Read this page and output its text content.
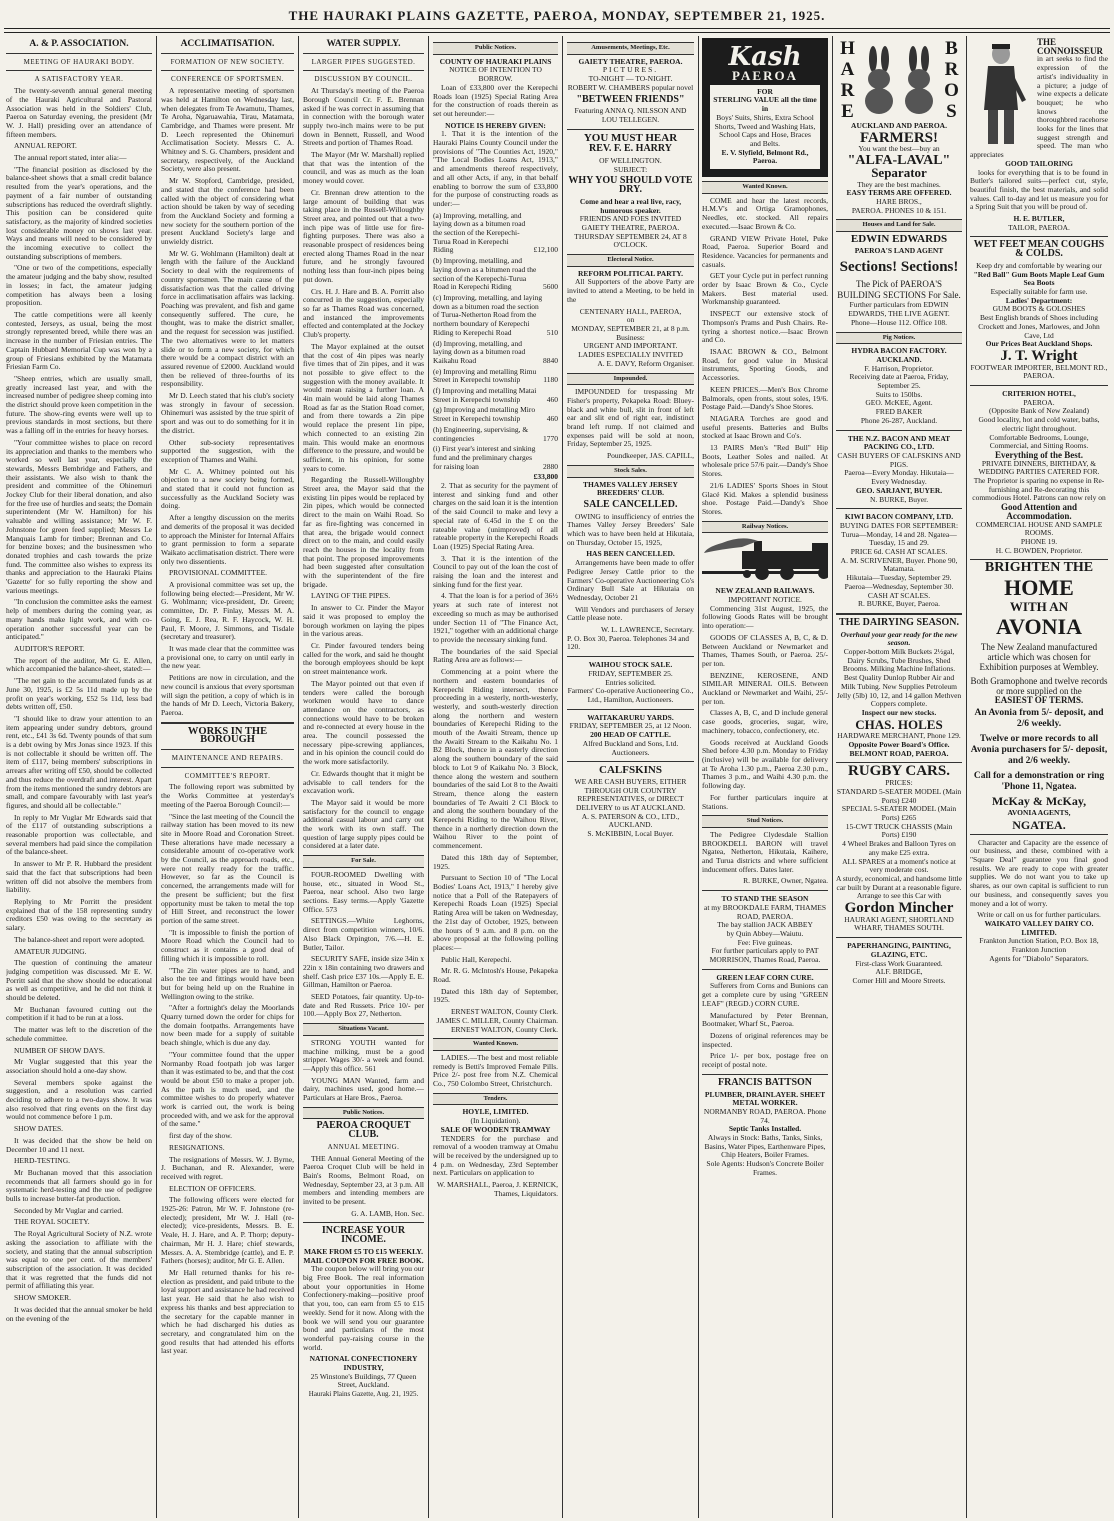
THE HAURAKI PLAINS GAZETTE, PAEROA, MONDAY, SEPTEMBER 21, 1925.
A. & P. ASSOCIATION.
MEETING OF HAURAKI BODY.
A SATISFACTORY YEAR.

The twenty-seventh annual general meeting of the Hauraki Agricultural and Pastoral Association was held in the Soldiers' Club, Paeroa on Saturday evening, the president (Mr W. J. Hall) presiding over an attendance of fifteen members.

ANNUAL REPORT.

The annual report stated, inter alia:—

"The financial position as disclosed by the balance-sheet shows that a small credit balance resulted from the year's operations, and the payment of a fair number of outstanding subscriptions has reduced the overdraft slightly. This position can be considered quite satisfactory, as the majority of kindred societies lost considerable money on shows last year. Ways and means will need to be considered by the incoming executive to collect the outstanding subscriptions of members.

"One or two of the competitions, especially the amateur judging and the baby show, resulted in losses; in fact, the amateur judging competition has always been a losing proposition.

The cattle competitions were all keenly contested, Jerseys, as usual, being the most strongly represented breed, while there was an increase in the number of Friesian entries. The Captain Hubbard Memorial Cup was won by a group of Friesians exhibited by the Matamata Friesian Farm Co.

"Sheep entries, which are usually small, greatly increased last year, and with the increased number of pedigree sheep coming into the district should prove keen competition in the future. The show-ring events were well up to previous standards in most sections, but there was a falling off in the entries for heavy horses.

"Your committee wishes to place on record its appreciation and thanks to the members who worked so well last year, especially the stewards, Messrs Bembridge and Fathers, and their assistants. We also wish to thank the president and committee of the Ohinemuri Jockey Club for their liberal donation, and also for the free use of hurdles and seats; the Domain superintendent (Mr W. Hamilton) for his valuable and willing assistance; Mr W. F. Johnstone for green feed supplied; Messrs Le Manquais Lamb for timber; Brennan and Co. for benzine boxes; and the businessmen who donated trophies and cash towards the prize fund. The committee also wishes to express its thanks and appreciation to the Hauraki Plains 'Gazette' for so fully reporting the show and various meetings.

"In conclusion the committee asks the earnest help of members during the coming year, as many hands make light work, and with co-operation another successful year can be anticipated."

AUDITOR'S REPORT.

The report of the auditor, Mr G. E. Allen, which accompanied the balance-sheet, stated:—

"The net gain to the accumulated funds as at June 30, 1925, is £2 5s 11d made up by the profit on year's working, £52 5s 11d, less bad debts written off, £50.

"I should like to draw your attention to an item appearing under sundry debtors, ground rent, etc., £41 3s 6d. Twenty pounds of that sum is a debt owing by Mrs Jonas since 1923. If this is not collectable it should be written off. The item of £117, being members' subscriptions in arrears after writing off £50, should be collected and thus reduce the overdraft and interest. Apart from the items mentioned the sundry debtors are small, and compare favourably with last year's figures, and should all be collectable."

In reply to Mr Vuglar Mr Edwards said that of the £117 of outstanding subscriptions a reasonable proportion was collectable, and several members had paid since the compilation of the balance-sheet.

In answer to Mr P. R. Hubbard the president said that the fact that subscriptions had been written off did not absolve the members from liability.

Replying to Mr Porritt the president explained that of the 158 representing sundry creditors £50 was owing to the secretary as salary.

The balance-sheet and report were adopted.

AMATEUR JUDGING.

The question of continuing the amateur judging competition was discussed. Mr E. W. Porritt said that the show should be educational as well as competitive, and he did not think it should be deleted.

Mr Buchanan favoured cutting out the competition if it had to be run at a loss.

The matter was left to the discretion of the schedule committee.

NUMBER OF SHOW DAYS.

Mr Vuglar suggested that this year the association should hold a one-day show.

Several members spoke against the suggestion, and a resolution was carried deciding to adhere to a two-days show. It was also resolved that ring events on the first day would not commence before 1 p.m.

SHOW DATES.

It was decided that the show be held on December 10 and 11 next.

HERD-TESTING.

Mr Buchanan moved that this association recommends that all farmers should go in for systematic herd-testing and the use of pedigree bulls to increase butter-fat production.

Seconded by Mr Vuglar and carried.

THE ROYAL SOCIETY.

The Royal Agricultural Society of N.Z. wrote asking the association to affiliate with the society, and stating that the annual subscription was equal to one per cent. of the members' subscription of the association. It was decided that it was regretted that the funds did not permit of affiliating this year.

SHOW SMOKER.

It was decided that the annual smoker be held on the evening of the

ACCLIMATISATION.
FORMATION OF NEW SOCIETY.
CONFERENCE OF SPORTSMEN.

A representative meeting of sportsmen was held at Hamilton on Wednesday last, when delegates from Te Awamutu, Thames, Te Aroha, Ngaruawahia, Tirau, Matamata, Cambridge, and Thames were present. Mr D. Leech represented the Ohinemuri Acclimatisation Society. Messrs C. A. Whitney and S. G. Chambers, president and secretary, respectively, of the Auckland Society, were also present.

Mr W. Stopford, Cambridge, presided, and stated that the conference had been called with the object of considering what action should be taken by way of seceding from the Auckland Society and forming a new society for the southern portion of the present Auckland Society's large and unwieldy district.

Mr W. G. Wohlmann (Hamilton) dealt at length with the failure of the Auckland Society to deal with the requirements of country sportsmen. The main cause of the dissatisfaction was that the called driving force in acclimatisation affairs was lacking. Poaching was prevalent, and fish and game consequently suffered. The cure, he thought, was to make the district smaller, and the request for secession was justified. The two alternatives were to let matters slide or to form a new society, for which there would be a compact district with an assured revenue of £2000. Auckland would then be relieved of three-fourths of its responsibility.

Mr D. Leech stated that his club's society was strongly in favour of secession. Ohinemuri was assisted by the true spirit of sport and was out to do something for it in the district.

Other sub-society representatives supported the suggestion, with the exception of Thames and Waihi.

Mr C. A. Whitney pointed out his objection to a new society being formed, and stated that it could not function as successfully as the Auckland Society was doing.

After a lengthy discussion on the merits and demerits of the proposal it was decided to approach the Minister for Internal Affairs to grant permission to form a separate Waikato acclimatisation district. There were only two dissentients.

PROVISIONAL COMMITTEE.

A provisional committee was set up, the following being elected:—President, Mr W. G. Wohlmann; vice-president, Dr. Green; committee, Dr. P. Finlay, Messrs M. A. Going, E. J. Rea, R. F. Haycock, W. H. Paul, F. Moore, J. Simmons, and Tisdale (secretary and treasurer).

It was made clear that the committee was a provisional one, to carry on until early in the new year.

Petitions are now in circulation, and the new council is anxious that every sportsman will sign the petition, a copy of which is in the hands of Mr D. Leech, Victoria Bakery, Paeroa.

WORKS IN THE BOROUGH
MAINTENANCE AND REPAIRS.
COMMITTEE'S REPORT.

The following report was submitted by the Works Committee at yesterday's meeting of the Paeroa Borough Council:—

"Since the last meeting of the Council the railway station has been moved to its new site in Moore Road and Coronation Street. These alterations have made necessary a considerable amount of co-operative work by the Council, as the approach roads, etc., were not really ready for the traffic. However, so far as the Council is concerned, the arrangements made will for the present be sufficient; but the first opportunity must be taken to metal the top of Hill Street, and reconstruct the lower portion of the same street.

"It is impossible to finish the portion of Moore Road which the Council had to construct as it contains a good deal of filling which it is impossible to roll.

"The 2in water pipes are to hand, and also the tee and fittings would have been but for being held up on the Ruahine in Wellington owing to the strike.

"After a fortnight's delay the Moorlands Quarry turned down the order for chips for the domain footpaths. Arrangements have now been made for a supply of suitable beach shingle, which is due any day.

"Your committee found that the upper Normanby Road footpath job was larger than it was estimated to be, and that the cost would be about £50 to make a proper job. As the path is much used, and the committee wishes to do properly whatever work is carried out, the work is being proceeded with, and we ask for the approval of the same."

first day of the show.

RESIGNATIONS.

The resignations of Messrs. W. J. Byrne, J. Buchanan, and R. Alexander, were received with regret.

ELECTION OF OFFICERS.

The following officers were elected for 1925-26: Patron, Mr W. F. Johnstone (re-elected); president, Mr W. J. Hall (re-elected); vice-presidents, Messrs. B. E. Veale, H. J. Hare, and A. P. Thorp; deputy-chairman, Mr H. J. Hare; chief stewards, Messrs. A. A. Stembridge (cattle), and E. P. Fathers (horses); auditor, Mr G. E. Allen.

Mr Hall returned thanks for his re-election as president, and paid tribute to the loyal support and assistance he had received last year. He said that he also wish to express his thanks and best appreciation to the secretary for the capable manner in which he had discharged his duties as secretary, and congratulated him on the good results that had attended his efforts last year.

WATER SUPPLY.
LARGER PIPES SUGGESTED.
DISCUSSION BY COUNCIL.

At Thursday's meeting of the Paeroa Borough Council Cr. F. E. Brennan asked if he was correct in assuming that in connection with the borough water supply two-inch mains were to be put down in Bennett, Russell, and Wood Streets and portion of Thames Road.

The Mayor (Mr W. Marshall) replied that that was the intention of the council, and was as much as the loan money would cover.

Cr. Brennan drew attention to the large amount of building that was taking place in the Russell-Willoughby Street area, and pointed out that a two-inch pipe was of little use for fire-fighting purposes. There was also a reasonable prospect of residences being erected along Thames Road in the near future, and he strongly favoured nothing less than four-inch pipes being put down.

Crs. H. J. Hare and B. A. Porritt also concurred in the suggestion, especially so far as Thames Road was concerned, and instanced the improvements effected and contemplated at the Jockey Club's property.

The Mayor explained at the outset that the cost of 4in pipes was nearly five times that of 2in pipes, and it was not possible to give effect to the suggestion with the money available. It would mean raising a further loan. A 4in main would be laid along Thames Road as far as the Station Road corner, and from there towards a 2in pipe would replace the present 1in pipe, which connected to an existing 2in main. This would make an enormous difference to the pressure, and would be sufficient, in his opinion, for some years to come.

Regarding the Russell-Willoughby Street area, the Mayor said that the existing 1in pipes would be replaced by 2in pipes, which would be connected direct to the main on Waihi Road. So far as fire-fighting was concerned in that area, the brigade would connect direct on to the main, and could easily reach the houses in the locality from that point. The proposed improvements had been suggested after consultation with the superintendent of the fire brigade.

LAYING OF THE PIPES.

In answer to Cr. Pinder the Mayor said it was proposed to employ the borough workmen on laying the pipes in the various areas.

Cr. Pinder favoured tenders being called for the work, and said he thought the borough employees should be kept on street maintenance work.

The Mayor pointed out that even if tenders were called the borough workmen would have to dance attendance on the contractors, as connections would have to be broken and re-connected at every house in the area. The council possessed the necessary pipe-screwing appliances, and in his opinion the council could do the work more satisfactorily.

Cr. Edwards thought that it might be advisable to call tenders for the excavation work.

The Mayor said it would be more satisfactory for the council to engage additional casual labour and carry out the work with its own staff. The question of large supply pipes could be considered at a later date.

For Sale.

FOUR-ROOMED Dwelling with house, etc., situated in Wood St., Paeroa, near school. Also two large sections. Easy terms.—Apply 'Gazette Office. 573

SETTINGS.—White Leghorns, direct from competition winners, 10/6. Also Black Orpington, 7/6.—H. E. Butler, Tailor.

SECURITY SAFE, inside size 34in x 22in x 18in containing two drawers and shelf. Cash price £37 10s.—Apply E. E. Gillman, Hamilton or Paeroa.

SEED Potatoes, fair quantity. Up-to-date and Red Russets. Price 10/- per 100.—Apply Box 27, Netherton.

Situations Vacant.

STRONG YOUTH wanted for machine milking, must be a good stripper. Wages 30/- a week and found.—Apply this office. 561

YOUNG MAN Wanted, farm and dairy, machines used, good home.—Particulars at Hare Bros., Paeroa.

Public Notices.
PAEROA CROQUET CLUB.
ANNUAL MEETING.

THE Annual General Meeting of the Paeroa Croquet Club will be held in Bain's Rooms, Belmont Road, on Wednesday, September 23, at 3 p.m. All members and intending members are invited to be present.

G. A. LAMB, Hon. Sec.
INCREASE YOUR INCOME.
MAKE FROM £5 TO £15 WEEKLY. MAIL COUPON FOR FREE BOOK.

The coupon below will bring you our big Free Book. The real information about your opportunities in Home Confectionery-making—positive proof that you, too, can earn from £5 to £15 weekly. Send for it now. Along with the book we will send you our guarantee bond and particulars of the most wonderful pay-raising course in the world.

NATIONAL CONFECTIONERY INDUSTRY,
25 Winstone's Buildings, 77 Queen Street, Auckland.
Hauraki Plains Gazette, Aug. 21, 1925.
Public Notices.
COUNTY OF HAURAKI PLAINS
NOTICE OF INTENTION TO BORROW.

Loan of £33,800 over the Kerepechi Roads loan (1925) Special Rating Area for the construction of roads therein as set out hereunder:—

NOTICE IS HEREBY GIVEN:

1. That it is the intention of the Hauraki Plains County Council under the provisions of "The Counties Act, 1920," "The Local Bodies Loans Act, 1913," and amendments thereof respectively, and all other Acts, if any, in that behalf enabling to borrow the sum of £33,800 for the purpose of constructing roads as under:—

(a) Improving, metalling, and laying down as a bitumen road the section of the Kerepechi-Turua Road in Kerepechi Riding	£12,100
(b) Improving, metalling, and laying down as a bitumen road the section of the Kerepechi-Turua Road in Kerepechi Riding	5600
(c) Improving, metalling, and laying down as a bitumen road the section of Turua-Netherton Road from the northern boundary of Kerepechi Riding to Kerepechi Road	510
(d) Improving, metalling, and laying down as a bitumen road Kaikahu Road	8840
(e) Improving and metalling Rimu Street in Kerepechi township	1180
(f) Improving and metalling Matai Street in Kerepechi township	460
(g) Improving and metalling Miro Street in Kerepechi township	460
(h) Engineering, supervising, & contingencies	1770
(i) First year's interest and sinking fund and the preliminary charges for raising loan	2880
£33,800

2. That as security for the payment of interest and sinking fund and other charges on the said loan it is the intention of the said Council to make and levy a special rate of 6.45d in the £ on the rateable value (unimproved) of all rateable property in the Kerepechi Roads Loan (1925) Special Rating Area.

3. That it is the intention of the Council to pay out of the loan the cost of raising the loan and the interest and sinking fund for the first year.

4. That the loan is for a period of 36½ years at such rate of interest not exceeding so much as may be authorised under Section 11 of "The Finance Act, 1921," together with an additional charge to provide the necessary sinking fund.

The boundaries of the said Special Rating Area are as follows:—

Commencing at a point where the northern and eastern boundaries of Kerepechi Riding intersect, thence proceeding in a westerly, north-westerly, westerly, and south-westerly direction along the northern and western boundaries of Kerepechi Riding to the mouth of the Awaiti Stream, thence up the Awaiti Stream to the Kaikahu No. 1 B2 Block, thence in a easterly direction along the southern boundary of the said block to Lot 9 of Kaikahu No. 3 Block, thence along the western and southern boundaries of the said Lot 8 to the Awaiti Stream, thence along the eastern boundaries of Te Awaiti 2 C1 Block to and along the southern boundary of the Kerepechi Riding to the Waihou River, thence in a northerly direction down the Waihou River to the point of commencement.

Dated this 18th day of September, 1925.

Pursuant to Section 10 of "The Local Bodies' Loans Act, 1913," I hereby give notice that a Poll of the Ratepayers of Kerepechi Roads Loan (1925) Special Rating Area will be taken on Wednesday, the 21st day of October, 1925, between the hours of 9 a.m. and 8 p.m. on the above proposal at the following polling places:—

Public Hall, Kerepechi.

Mr. R. G. McIntosh's House, Pekapeka Road.

Dated this 18th day of September, 1925.

ERNEST WALTON, County Clerk.
JAMES C. MILLER, County Chairman.
ERNEST WALTON, County Clerk.
Wanted Known.

LADIES.—The best and most reliable remedy is Betti's Improved Female Pills. Price 2/- post free from N.Z. Chemical Co., 750 Colombo Street, Christchurch.

Tenders.
HOYLE, LIMITED.
(In Liquidation).
SALE OF WOODEN TRAMWAY

TENDERS for the purchase and removal of a wooden tramway at Omahu will be received by the undersigned up to 4 p.m. on Wednesday, 23rd September next. Particulars on application to

W. MARSHALL, Paeroa, J. KERNICK, Thames, Liquidators.
Amusements, Meetings, Etc.
GAIETY THEATRE, PAEROA.
PICTURES.
TO-NIGHT — TO-NIGHT.
ROBERT W. CHAMBERS popular novel
"BETWEEN FRIENDS"
Featuring ANNA Q. NILSSON AND LOU TELLEGEN.
YOU MUST HEAR
REV. F. E. HARRY
OF WELLINGTON.
SUBJECT:
WHY YOU SHOULD VOTE DRY.
Come and hear a real live, racy, humorous speaker.
FRIENDS AND FOES INVITED
GAIETY THEATRE, PAEROA.
THURSDAY SEPTEMBER 24, AT 8 O'CLOCK.
Electoral Notice.
REFORM POLITICAL PARTY.

All Supporters of the above Party are invited to attend a Meeting, to be held in the

CENTENARY HALL, PAEROA,
on
MONDAY, SEPTEMBER 21, at 8 p.m.
Business:
URGENT AND IMPORTANT.
LADIES ESPECIALLY INVITED
A. E. DAVY, Reform Organiser.
Impounded.

IMPOUNDED for trespassing Mr Fisher's property, Pekapeka Road: Bluey-black and white bull, slit in front of left ear and slit end of right ear, indistinct brand left rump. If not claimed and expenses paid will be sold at noon, Friday, September 25, 1925.

Poundkeeper, JAS. CAPILL,
Stock Sales.
THAMES VALLEY JERSEY BREEDERS' CLUB.
SALE CANCELLED.

OWING to insufficiency of entries the Thames Valley Jersey Breeders' Sale which was to have been held at Hikutaia, on Thursday, October 15, 1925,

HAS BEEN CANCELLED.

Arrangements have been made to offer Pedigree Jersey Cattle prior to the Farmers' Co-operative Auctioneering Co's Ordinary Bull Sale at Hikutaia on Wednesday, October 21

Will Vendors and purchasers of Jersey Cattle please note.

W. L. LAWRENCE, Secretary.
P. O. Box 30, Paeroa. Telephones 34 and 120.
WAIHOU STOCK SALE.
FRIDAY, SEPTEMBER 25.
Entries solicited.
Farmers' Co-operative Auctioneering Co., Ltd., Hamilton, Auctioneers.
WAITAKARURU YARDS.
FRIDAY, SEPTEMBER 25, at 12 Noon.
200 HEAD OF CATTLE.
Alfred Buckland and Sons, Ltd. Auctioneers.
CALFSKINS
WE ARE CASH BUYERS, EITHER THROUGH OUR COUNTRY REPRESENTATIVES, or DIRECT DELIVERY to us AT AUCKLAND.
A. S. PATERSON & CO., LTD., AUCKLAND.
S. McKIBBIN, Local Buyer.
Kash
PAEROA
FOR
STERLING VALUE all the time in
Boys' Suits, Shirts, Extra School Shorts, Tweed and Washing Hats, School Caps and Hose, Braces and Belts.
E. V. Slyfield, Belmont Rd., Paeroa.
Wanted Known.

COME and hear the latest records, H.M.V's and Ortiga Gramophones, Needles, etc. stocked. All repairs executed.—Isaac Brown & Co.

GRAND VIEW Private Hotel, Puke Road, Paeroa. Superior Board and Residence. Vacancies for permanents and casuals.

GET your Cycle put in perfect running order by Isaac Brown & Co., Cycle Makers. Best material used. Workmanship guaranteed.

INSPECT our extensive stock of Thompson's Prams and Push Chairs. Re-tyring a shortest notice.—Isaac Brown and Co.

ISAAC BROWN & CO., Belmont Road, for good value in Musical instruments, Sporting Goods, and Accessories.

KEEN PRICES.—Men's Box Chrome Balmorals, open fronts, stout soles, 19/6. Postage Paid.—Dandy's Shoe Stores.

NIAGARA Torches are good and useful presents. Batteries and Bulbs stocked at Isaac Brown and Co's.

13 PAIRS Men's "Red Bull" Hip Boots, Leather Soles and nailed. At wholesale price 57/6 pair.—Dandy's Shoe Stores.

21/6 LADIES' Sports Shoes in Stout Glacé Kid. Makes a splendid business shoe. Postage Paid.—Dandy's Shoe Stores.

Railway Notices.
NEW ZEALAND RAILWAYS.
IMPORTANT NOTICE.

Commencing 31st August, 1925, the following Goods Rates will be brought into operation:—

GOODS OF CLASSES A, B, C, & D. Between Auckland or Newmarket and Thames, Thames South, or Paeroa. 25/- per ton.

BENZINE, KEROSENE, AND SIMILAR MINERAL OILS. Between Auckland or Newmarket and Waihi, 25/- per ton.

Classes A, B, C, and D include general case goods, groceries, sugar, wire, machinery, tobacco, confectionery, etc.

Goods received at Auckland Goods Shed before 4.30 p.m. Monday to Friday (inclusive) will be available for delivery at Te Aroha 1.30 p.m., Paeroa 2.30 p.m., Thames 3 p.m., and Waihi 4.30 p.m. the following day.

For further particulars inquire at Stations.

Stud Notices.

The Pedigree Clydesdale Stallion BROOKDELL BARON will travel Ngatea, Netherton, Hikutaia, Kaihere, and Turua districts and where sufficient inducement offers. Dates later.

R. BURKE, Owner, Ngatea.
TO STAND THE SEASON
at my BROOKDALE FARM, THAMES ROAD, PAEROA.
The bay stallion JACK ABBEY
by Quin Abbey—Waiutu.
Fee: Five guineas.
For further particulars apply to PAT MORRISON, Thames Road, Paeroa.
GREEN LEAF CORN CURE.

Sufferers from Corns and Bunions can get a complete cure by using "GREEN LEAF" (REGD.) CORN CURE.

Manufactured by Peter Brennan, Bootmaker, Wharf St., Paeroa.

Dozens of original references may be inspected.

Price 1/- per box, postage free on receipt of postal note.

FRANCIS BATTSON
PLUMBER, DRAINLAYER. SHEET METAL WORKER.
NORMANBY ROAD, PAEROA. Phone 74.
Septic Tanks Installed.
Always in Stock: Baths, Tanks, Sinks, Basins, Water Pipes, Earthenware Pipes, Chip Heaters, Boiler Frames.
Sole Agents: Hudson's Concrete Boiler Frames.
HARE	BROS
AUCKLAND AND PAEROA.
FARMERS!
You want the best—buy an
"ALFA-LAVAL"
Separator
They are the best machines.
EASY TERMS ARE OFFERED.
HARE BROS.,
PAEROA. PHONES 10 & 151.
Houses and Land for Sale.
EDWIN EDWARDS
PAEROA'S LAND AGENT
Sections! Sections!
The Pick of PAEROA'S BUILDING SECTIONS For Sale.
Further particulars from EDWIN EDWARDS, THE LIVE AGENT.
Phone—House 112. Office 108.
Pig Notices.
HYDRA BACON FACTORY. AUCKLAND.
F. Harrison, Proprietor.
Receiving date at Paeroa, Friday, September 25.
Suits to 150lbs.
GEO. McKEE, Agent.
FRED BAKER
Phone 26-287, Auckland.
THE N.Z. BACON AND MEAT PACKING CO., LTD.
CASH BUYERS OF CALFSKINS AND PIGS.
Paeroa—Every Monday. Hikutaia—Every Wednesday.
GEO. SARJANT, BUYER.
N. BURKE, Buyer.
KIWI BACON COMPANY, LTD.
BUYING DATES FOR SEPTEMBER:
Turua—Monday, 14 and 28. Ngatea—Tuesday, 15 and 29.
PRICE 6d. CASH AT SCALES.
A. M. SCRIVENER, Buyer. Phone 90, Matamata.
Hikutaia—Tuesday, September 29. Paeroa—Wednesday, September 30.
CASH AT SCALES.
R. BURKE, Buyer, Paeroa.
THE DAIRYING SEASON.
Overhaul your gear ready for the new season.
Copper-bottom Milk Buckets 2½gal, Dairy Scrubs, Tube Brushes, Shed Brooms. Milking Machine Inflations. Best Quality Dunlop Rubber Air and Milk Tubing. New Supplies Petroleum Jelly (5lb) 10, 12, and 14 gallon Methven Coppers complete.
Inspect our new stocks.
CHAS. HOLES
HARDWARE MERCHANT, Phone 129.
Opposite Power Board's Office. BELMONT ROAD, PAEROA.
RUGBY CARS.
PRICES:
STANDARD 5-SEATER MODEL (Main Ports) £240
SPECIAL 5-SEATER MODEL (Main Ports) £265
15-CWT TRUCK CHASSIS (Main Ports) £190
4 Wheel Brakes and Balloon Tyres on any make £25 extra.
ALL SPARES at a moment's notice at very moderate cost.
A sturdy, economical, and handsome little car built by Durant at a reasonable figure.
Arrange to see this Car with
Gordon Mincher
HAURAKI AGENT, SHORTLAND WHARF, THAMES SOUTH.
PAPERHANGING, PAINTING, GLAZING, ETC.
First-class Work Guaranteed.
ALF. BRIDGE,
Corner Hill and Moore Streets.
THE CONNOISSEUR
in art seeks to find the expression of the artist's individuality in a picture; a judge of wine expects a delicate bouquet; he who knows the thoroughbred racehorse looks for the lines that suggest strength and speed. The man who appreciates
GOOD TAILORING

looks for everything that is to be found in Butler's tailored suits—perfect cut, style, beautiful finish, the best materials, and solid values. Call to-day and let us measure you for a Spring Suit that you will be proud of.

H. E. BUTLER,
TAILOR, PAEROA.
WET FEET MEAN COUGHS & COLDS.
Keep dry and comfortable by wearing our
"Red Ball" Gum Boots Maple Leaf Gum Sea Boots
Especially suitable for farm use.
Ladies' Department:
GUM BOOTS & GOLOSHES
Best English brands of Shoes including Crockett and Jones, Marlowes, and John Cave, Ltd
Our Prices Beat Auckland Shops.
J. T. Wright
FOOTWEAR IMPORTER, BELMONT RD., PAEROA.
CRITERION HOTEL,
PAEROA.
(Opposite Bank of New Zealand)
Good locality, hot and cold water, baths, electric light throughout.
Comfortable Bedrooms, Lounge, Commercial, and Sitting Rooms.
Everything of the Best.
PRIVATE DINNERS, BIRTHDAY, & WEDDING PARTIES CATERED FOR.
The Proprietor is sparing no expense in Re-furnishing and Re-decorating this commodious Hotel. Patrons can now rely on
Good Attention and Accommodation.
COMMERCIAL HOUSE AND SAMPLE ROOMS.
PHONE 19.
H. C. BOWDEN, Proprietor.
BRIGHTEN THE
HOME
WITH AN
AVONIA
The New Zealand manufactured article which was chosen for Exhibition purposes at Wembley.
Both Gramophone and twelve records or more supplied on the
EASIEST OF TERMS.
An Avonia from 5/- deposit, and 2/6 weekly.
Twelve or more records to all Avonia purchasers for 5/- deposit, and 2/6 weekly.
Call for a demonstration or ring 'Phone 11, Ngatea.
McKay & McKay,
AVONIA AGENTS,
NGATEA.

Character and Capacity are the essence of our business, and these, combined with a "Square Deal" guarantee you final good results. We are ready to cope with greater supplies. We do not want you to take up shares, as our own capital is sufficient to run our business, and consequently saves you money and a lot of worry.

Write or call on us for further particulars.
WAIKATO VALLEY DAIRY CO. LIMITED.
Frankton Junction Station, P.O. Box 18, Frankton Junction
Agents for "Diabolo" Separators.
